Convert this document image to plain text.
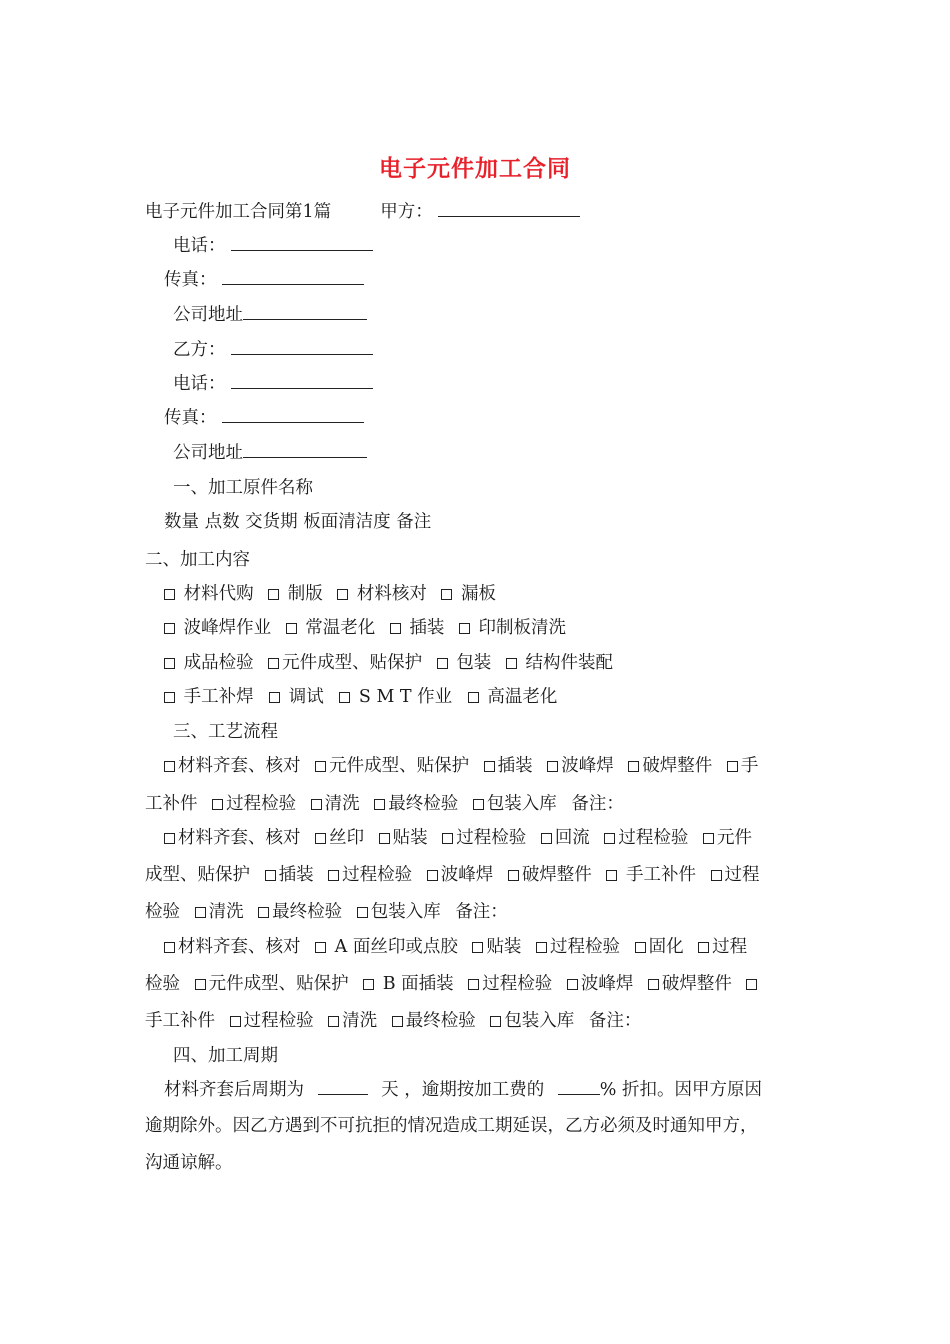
电子元件加工合同
电子元件加工合同第1篇	甲方：
电话：
传真：
公司地址
乙方：
电话：
传真：
公司地址
一、加工原件名称
数量 点数 交货期 板面清洁度 备注
二、加工内容
材料代购 制版 材料核对 漏板
波峰焊作业 常温老化 插装 印制板清洗
成品检验 元件成型、贴保护 包装 结构件装配
手工补焊 调试 S M T 作业 高温老化
三、工艺流程
材料齐套、核对 元件成型、贴保护 插装 波峰焊 破焊整件 手
工补件 过程检验 清洗 最终检验 包装入库 备注：
材料齐套、核对 丝印 贴装 过程检验 回流 过程检验 元件
成型、贴保护 插装 过程检验 波峰焊 破焊整件 手工补件 过程
检验 清洗 最终检验 包装入库 备注：
材料齐套、核对 A 面丝印或点胶 贴装 过程检验 固化 过程
检验 元件成型、贴保护 B 面插装 过程检验 波峰焊 破焊整件
手工补件 过程检验 清洗 最终检验 包装入库 备注：
四、加工周期
材料齐套后周期为	天 ，逾期按加工费的	% 折扣。因甲方原因
逾期除外。因乙方遇到不可抗拒的情况造成工期延误，乙方必须及时通知甲方，
沟通谅解。
